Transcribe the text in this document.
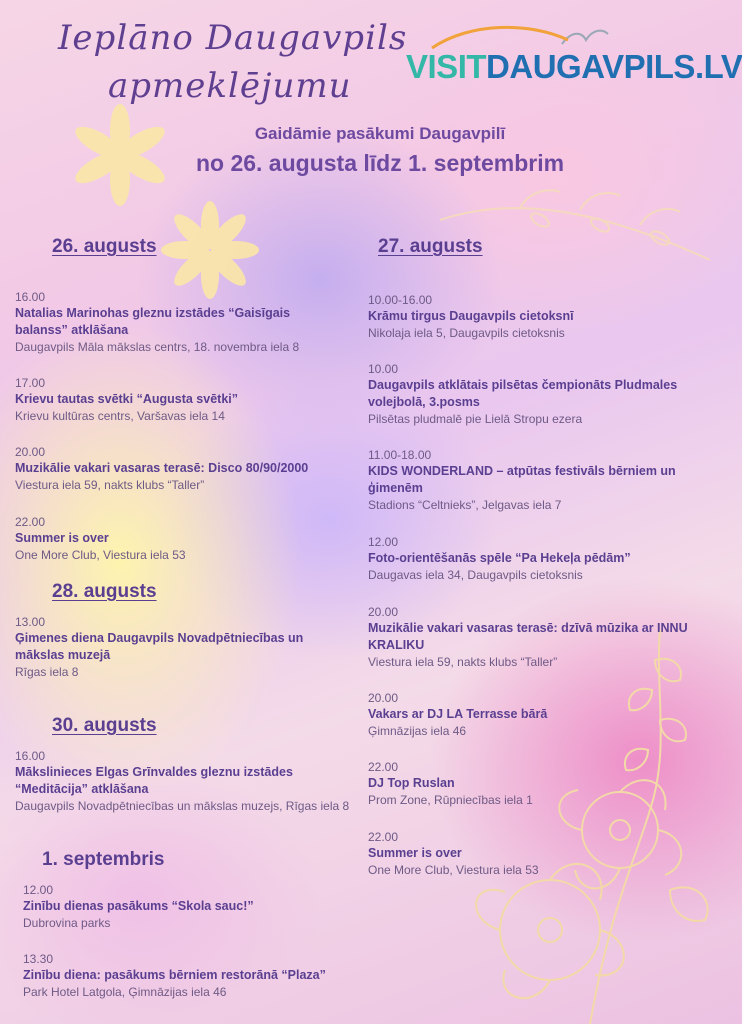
Ieplāno Daugavpils
apmeklējumu VISITDAUGAVPILS.LV
Gaidāmie pasākumi Daugavpilī
no 26. augusta līdz 1. septembrim
26. augusts
16.00
Natalias Marinohas gleznu izstādes “Gaisīgais balanss” atklāšana
Daugavpils Māla mākslas centrs, 18. novembra iela 8
17.00
Krievu tautas svētki “Augusta svētki”
Krievu kultūras centrs, Varšavas iela 14
20.00
Muzikālie vakari vasaras terasē: Disco 80/90/2000
Viestura iela 59, nakts klubs “Taller”
22.00
Summer is over
One More Club, Viestura iela 53
28. augusts
13.00
Ģimenes diena Daugavpils Novadpētniecības un mākslas muzejā
Rīgas iela 8
30. augusts
16.00
Mākslinieces Elgas Grīnvaldes gleznu izstādes “Meditācija” atklāšana
Daugavpils Novadpētniecības un mākslas muzejs, Rīgas iela 8
1. septembris
12.00
Zinību dienas pasākums “Skola sauc!”
Dubrovina parks
13.30
Zinību diena: pasākums bērniem restorānā “Plaza”
Park Hotel Latgola, Ģimnāzijas iela 46
27. augusts
10.00-16.00
Krāmu tirgus Daugavpils cietoksnī
Nikolaja iela 5, Daugavpils cietoksnis
10.00
Daugavpils atklātais pilsētas čempionāts Pludmales volejbolā, 3.posms
Pilsētas pludmalē pie Lielā Stropu ezera
11.00-18.00
KIDS WONDERLAND – atpūtas festivāls bērniem un ģimenēm
Stadions “Celtnieks”, Jelgavas iela 7
12.00
Foto-orientēšanās spēle “Pa Hekeļa pēdām”
Daugavas iela 34, Daugavpils cietoksnis
20.00
Muzikālie vakari vasaras terasē: dzīvā mūzika ar INNU KRALIKU
Viestura iela 59, nakts klubs “Taller”
20.00
Vakars ar DJ LA Terrasse bārā
Ģimnāzijas iela 46
22.00
DJ Top Ruslan
Prom Zone, Rūpniecības iela 1
22.00
Summer is over
One More Club, Viestura iela 53
